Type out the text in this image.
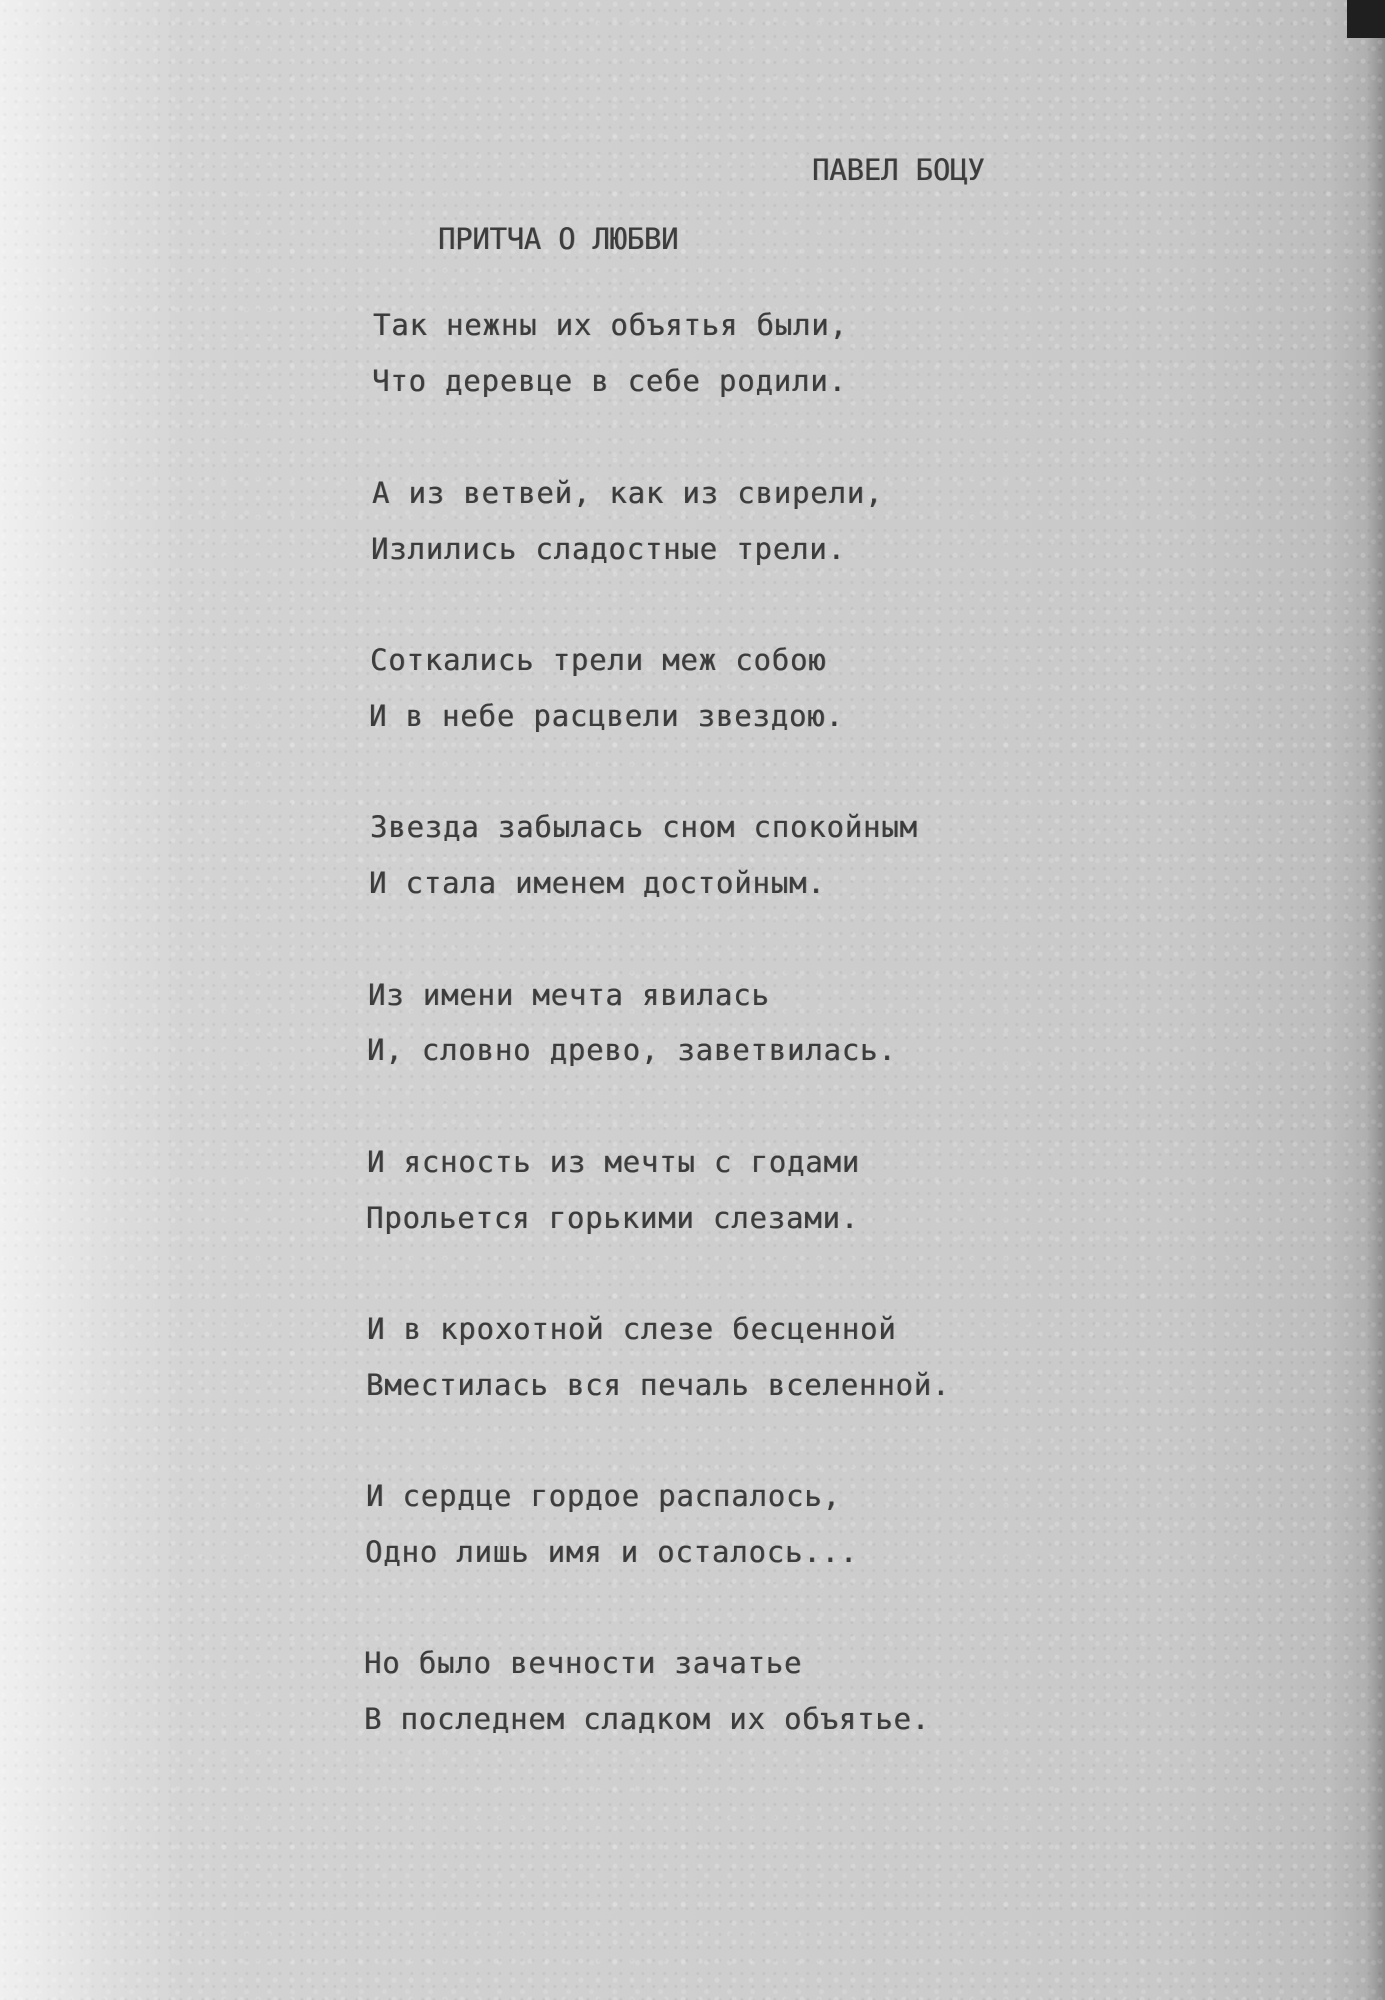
ПАВЕЛ БОЦУ
ПРИТЧА О ЛЮБВИ
Так нежны их объятья были,
Что деревце в себе родили.
А из ветвей, как из свирели,
Излились сладостные трели.
Соткались трели меж собою
И в небе расцвели звездою.
Звезда забылась сном спокойным
И стала именем достойным.
Из имени мечта явилась
И, словно древо, заветвилась.
И ясность из мечты с годами
Прольется горькими слезами.
И в крохотной слезе бесценной
Вместилась вся печаль вселенной.
И сердце гордое распалось,
Одно лишь имя и осталось...
Но было вечности зачатье
В последнем сладком их объятье.
